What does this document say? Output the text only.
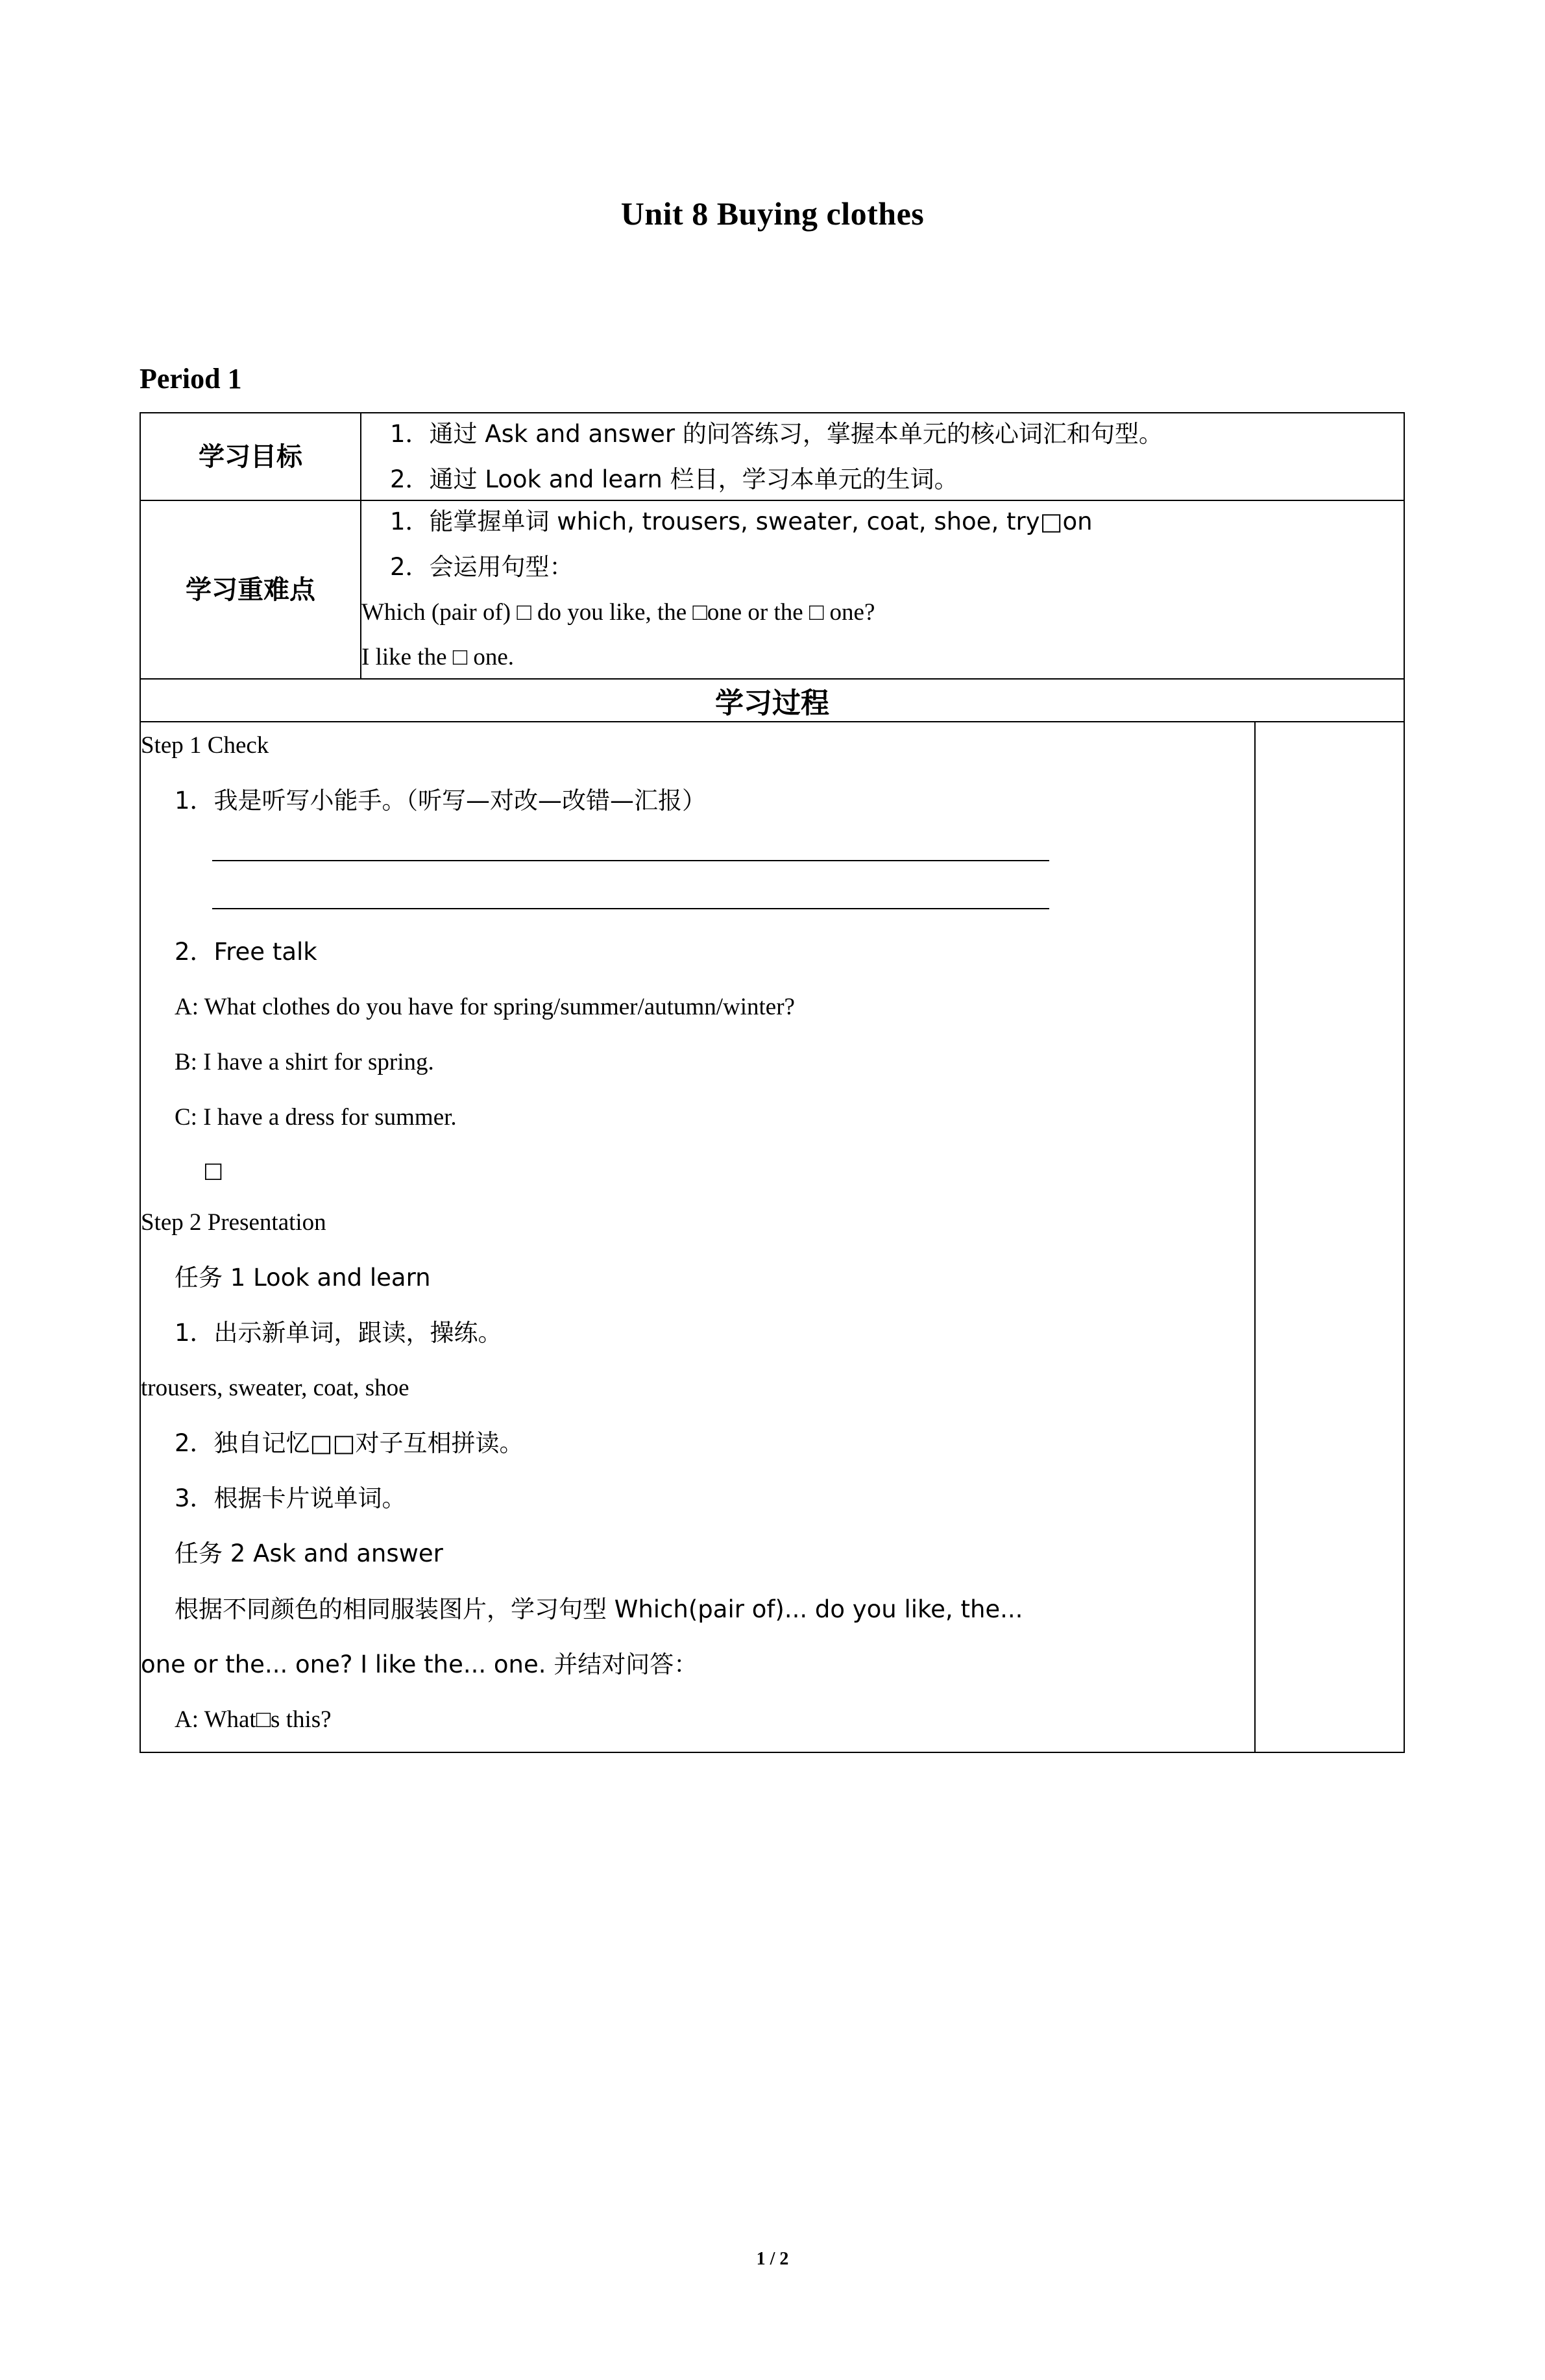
Unit 8 Buying clothes
Period 1
学习目标	1．通过 Ask and answer 的问答练习，掌握本单元的核心词汇和句型。

2．通过 Look and learn 栏目，学习本单元的生词。	

学习重难点	1．能掌握单词 which, trousers, sweater, coat, shoe, try□on

2．会运用句型：

Which (pair of) □ do you like, the □one or the □ one?

I like the □ one.	

学习过程		

Step 1 Check

1．我是听写小能手。（听写—对改—改错—汇报）

2．Free talk

A: What clothes do you have for spring/summer/autumn/winter?

B: I have a shirt for spring.

C: I have a dress for summer.

□

Step 2 Presentation

任务 1 Look and learn

1．出示新单词，跟读，操练。

trousers, sweater, coat, shoe

2．独自记忆□□对子互相拼读。

3．根据卡片说单词。

任务 2 Ask and answer

根据不同颜色的相同服装图片，学习句型 Which(pair of)... do you like, the...

one or the... one? I like the... one. 并结对问答：

A: What□s this?

1 / 2
